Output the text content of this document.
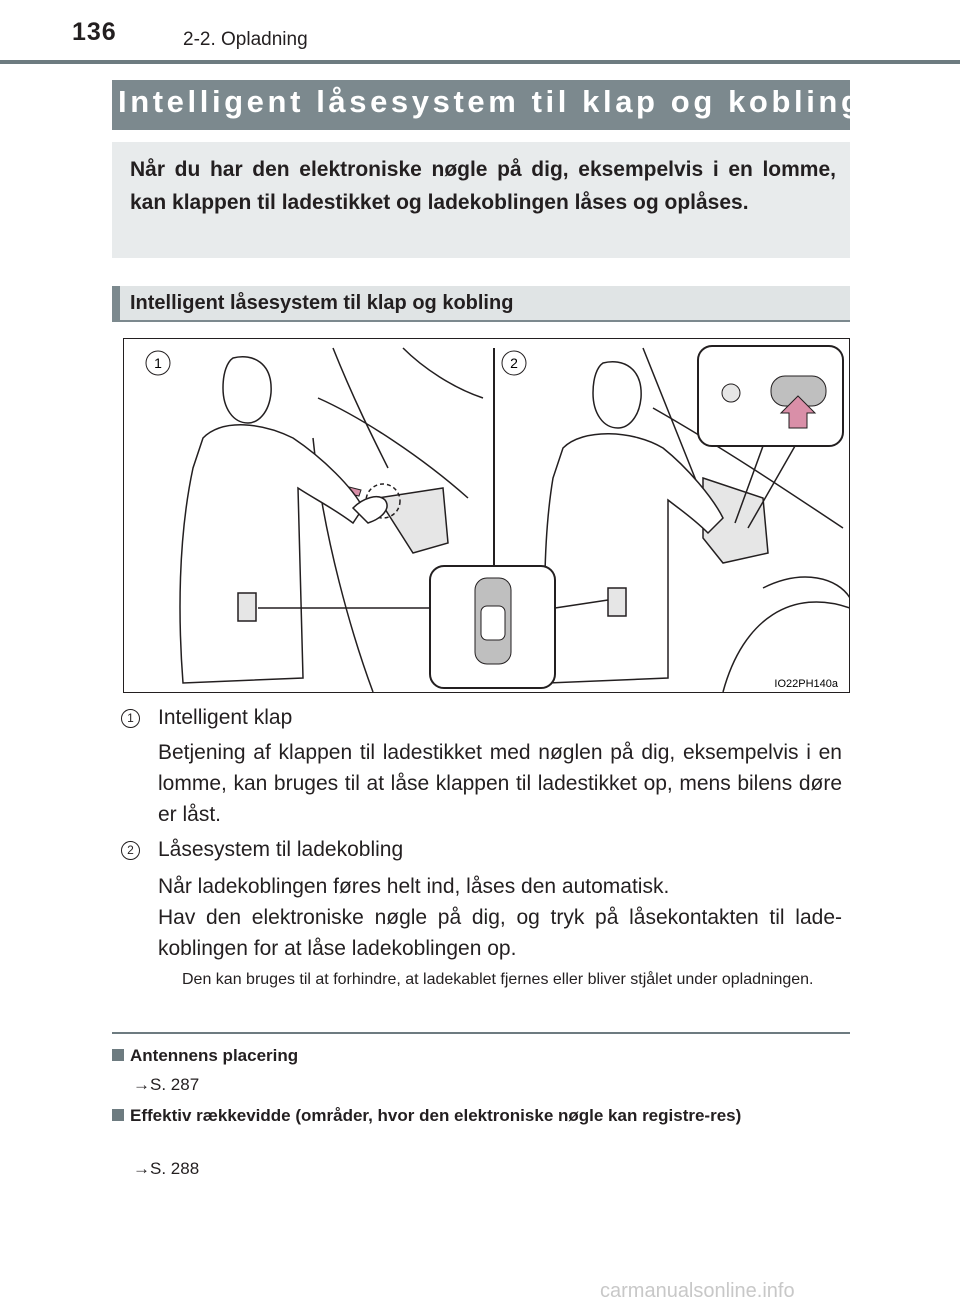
136	2-2. Opladning
Intelligent låsesystem til klap og kobling
Når du har den elektroniske nøgle på dig, eksempelvis i en lomme, kan klappen til ladestikket og ladekoblingen låses og oplåses.
Intelligent låsesystem til klap og kobling
1	2
IO22PH140a
1 Intelligent klap
Betjening af klappen til ladestikket med nøglen på dig, eksempelvis i en lomme, kan bruges til at låse klappen til ladestikket op, mens bilens døre er låst.
2 Låsesystem til ladekobling
Når ladekoblingen føres helt ind, låses den automatisk.
Hav den elektroniske nøgle på dig, og tryk på låsekontakten til lade-koblingen for at låse ladekoblingen op.
Den kan bruges til at forhindre, at ladekablet fjernes eller bliver stjålet under opladningen.
Antennens placering
→S. 287
Effektiv rækkevidde (områder, hvor den elektroniske nøgle kan registre-res)
→S. 288
carmanualsonline.info
